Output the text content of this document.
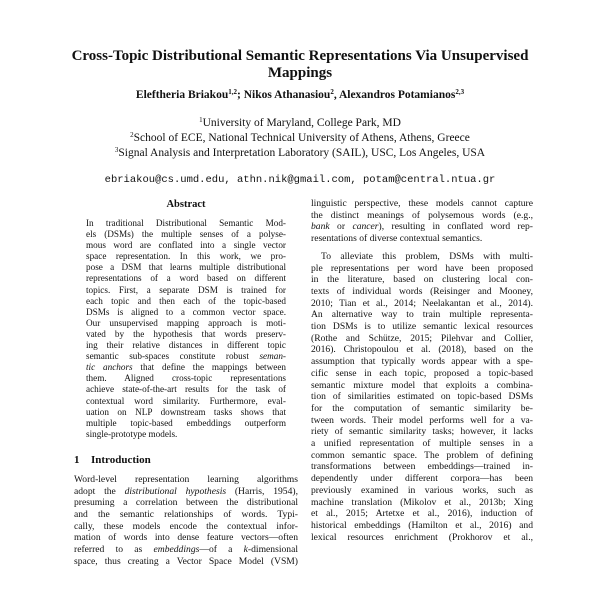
Cross-Topic Distributional Semantic Representations Via Unsupervised
Mappings
Eleftheria Briakou$^{1,2}$; Nikos Athanasiou$^2$, Alexandros Potamianos$^{2,3}$
$^1$University of Maryland, College Park, MD
$^2$School of ECE, National Technical University of Athens, Athens, Greece
$^3$Signal Analysis and Interpretation Laboratory (SAIL), USC, Los Angeles, USA
ebriakou@cs.umd.edu, athn.nik@gmail.com, potam@central.ntua.gr
Abstract
In traditional Distributional Semantic Mod-
els (DSMs) the multiple senses of a polyse-
mous word are conflated into a single vector
space representation. In this work, we pro-
pose a DSM that learns multiple distributional
representations of a word based on different
topics. First, a separate DSM is trained for
each topic and then each of the topic-based
DSMs is aligned to a common vector space.
Our unsupervised mapping approach is moti-
vated by the hypothesis that words preserv-
ing their relative distances in different topic
semantic sub-spaces constitute robust seman-
tic anchors that define the mappings between
them. Aligned cross-topic representations
achieve state-of-the-art results for the task of
contextual word similarity. Furthermore, eval-
uation on NLP downstream tasks shows that
multiple topic-based embeddings outperform
single-prototype models.
1 Introduction
Word-level representation learning algorithms
adopt the distributional hypothesis (Harris, 1954),
presuming a correlation between the distributional
and the semantic relationships of words. Typi-
cally, these models encode the contextual infor-
mation of words into dense feature vectors—often
referred to as embeddings—of a k-dimensional
space, thus creating a Vector Space Model (VSM)
linguistic perspective, these models cannot capture
the distinct meanings of polysemous words (e.g.,
bank or cancer), resulting in conflated word rep-
resentations of diverse contextual semantics.
To alleviate this problem, DSMs with multi-
ple representations per word have been proposed
in the literature, based on clustering local con-
texts of individual words (Reisinger and Mooney,
2010; Tian et al., 2014; Neelakantan et al., 2014).
An alternative way to train multiple representa-
tion DSMs is to utilize semantic lexical resources
(Rothe and Schütze, 2015; Pilehvar and Collier,
2016). Christopoulou et al. (2018), based on the
assumption that typically words appear with a spe-
cific sense in each topic, proposed a topic-based
semantic mixture model that exploits a combina-
tion of similarities estimated on topic-based DSMs
for the computation of semantic similarity be-
tween words. Their model performs well for a va-
riety of semantic similarity tasks; however, it lacks
a unified representation of multiple senses in a
common semantic space. The problem of defining
transformations between embeddings—trained in-
dependently under different corpora—has been
previously examined in various works, such as
machine translation (Mikolov et al., 2013b; Xing
et al., 2015; Artetxe et al., 2016), induction of
historical embeddings (Hamilton et al., 2016) and
lexical resources enrichment (Prokhorov et al.,
